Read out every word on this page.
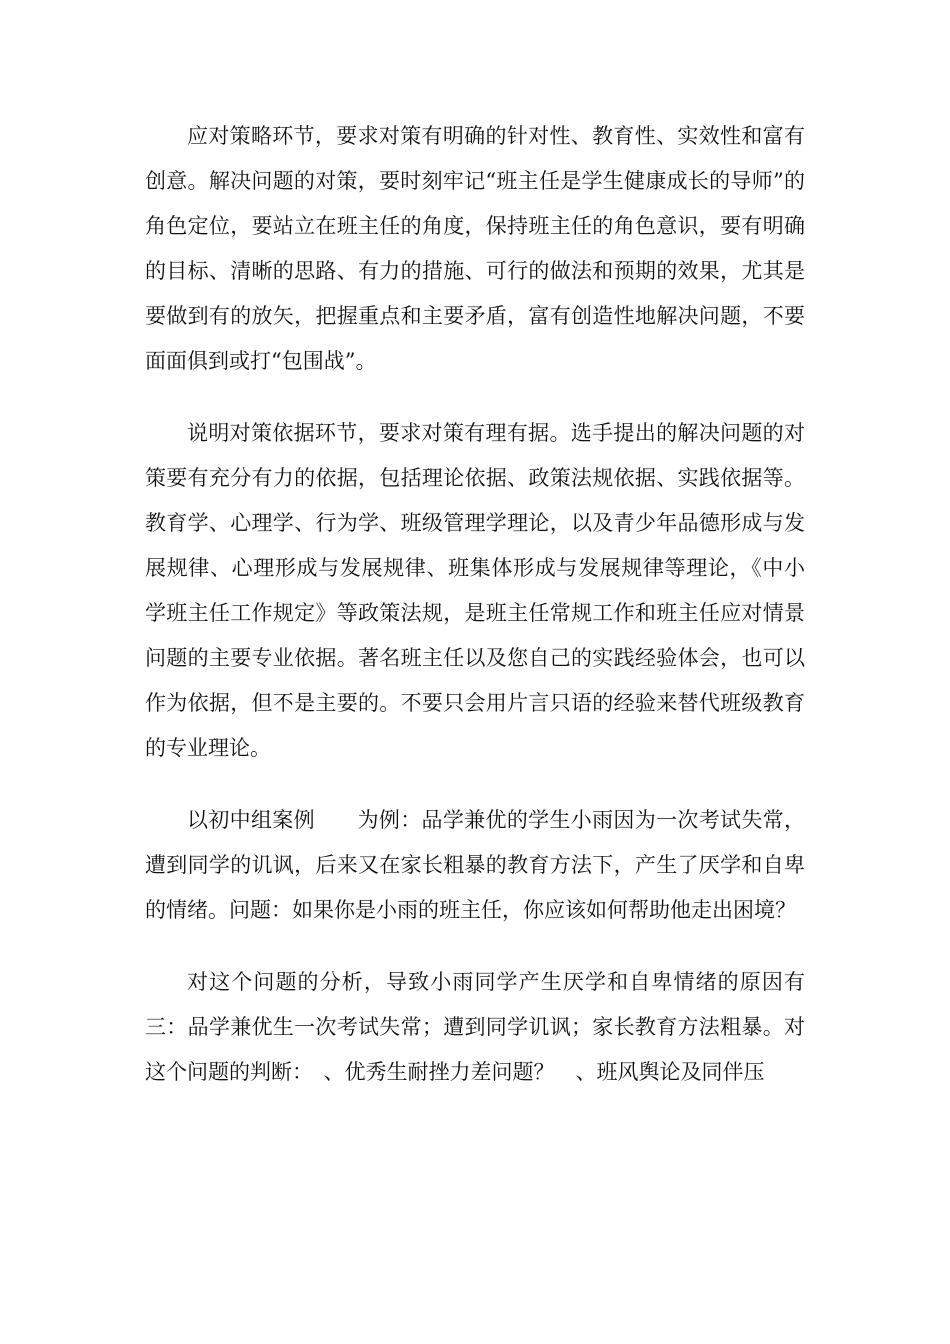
应对策略环节，要求对策有明确的针对性、教育性、实效性和富有创意。解决问题的对策，要时刻牢记“班主任是学生健康成长的导师”的角色定位，要站立在班主任的角度，保持班主任的角色意识，要有明确的目标、清晰的思路、有力的措施、可行的做法和预期的效果，尤其是要做到有的放矢，把握重点和主要矛盾，富有创造性地解决问题，不要面面俱到或打“包围战”。

说明对策依据环节，要求对策有理有据。选手提出的解决问题的对策要有充分有力的依据，包括理论依据、政策法规依据、实践依据等。教育学、心理学、行为学、班级管理学理论，以及青少年品德形成与发展规律、心理形成与发展规律、班集体形成与发展规律等理论，《中小学班主任工作规定》等政策法规，是班主任常规工作和班主任应对情景问题的主要专业依据。著名班主任以及您自己的实践经验体会，也可以作为依据，但不是主要的。不要只会用片言只语的经验来替代班级教育的专业理论。

以初中组案例　　为例：品学兼优的学生小雨因为一次考试失常，遭到同学的讥讽，后来又在家长粗暴的教育方法下，产生了厌学和自卑的情绪。问题：如果你是小雨的班主任，你应该如何帮助他走出困境？

对这个问题的分析，导致小雨同学产生厌学和自卑情绪的原因有三：品学兼优生一次考试失常；遭到同学讥讽；家长教育方法粗暴。对这个问题的判断：　、优秀生耐挫力差问题？　、班风舆论及同伴压
